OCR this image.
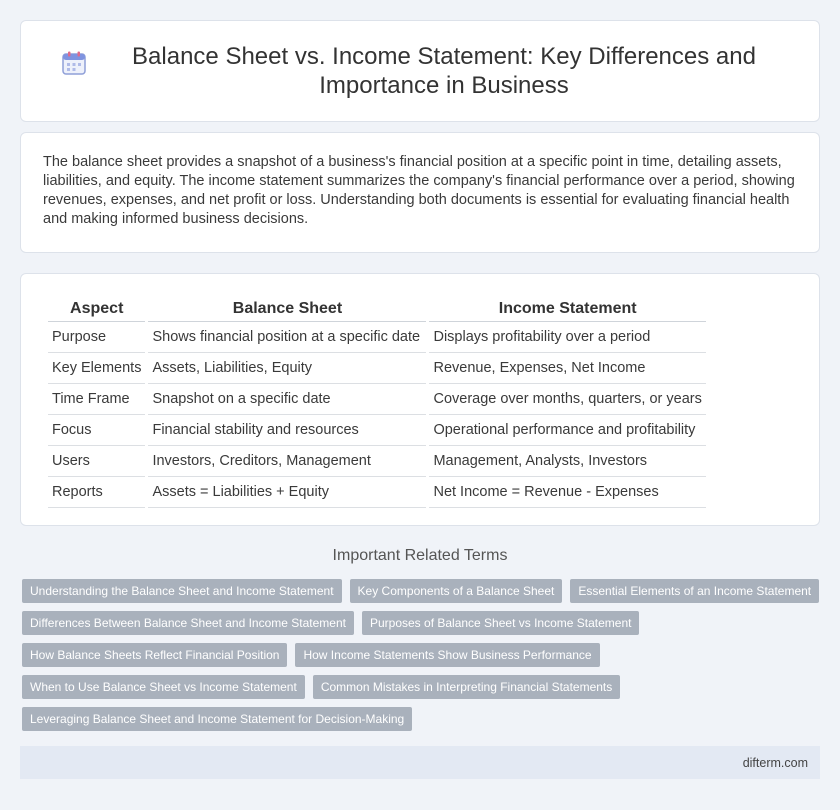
Balance Sheet vs. Income Statement: Key Differences and Importance in Business

The balance sheet provides a snapshot of a business's financial position at a specific point in time, detailing assets, liabilities, and equity. The income statement summarizes the company's financial performance over a period, showing revenues, expenses, and net profit or loss. Understanding both documents is essential for evaluating financial health and making informed business decisions.

Aspect	Balance Sheet	Income Statement
Purpose	Shows financial position at a specific date	Displays profitability over a period
Key Elements	Assets, Liabilities, Equity	Revenue, Expenses, Net Income
Time Frame	Snapshot on a specific date	Coverage over months, quarters, or years
Focus	Financial stability and resources	Operational performance and profitability
Users	Investors, Creditors, Management	Management, Analysts, Investors
Reports	Assets = Liabilities + Equity	Net Income = Revenue - Expenses
Important Related Terms
Understanding the Balance Sheet and Income Statement	Key Components of a Balance Sheet	Essential Elements of an Income Statement
Differences Between Balance Sheet and Income Statement	Purposes of Balance Sheet vs Income Statement
How Balance Sheets Reflect Financial Position	How Income Statements Show Business Performance
When to Use Balance Sheet vs Income Statement	Common Mistakes in Interpreting Financial Statements
Leveraging Balance Sheet and Income Statement for Decision-Making
difterm.com
